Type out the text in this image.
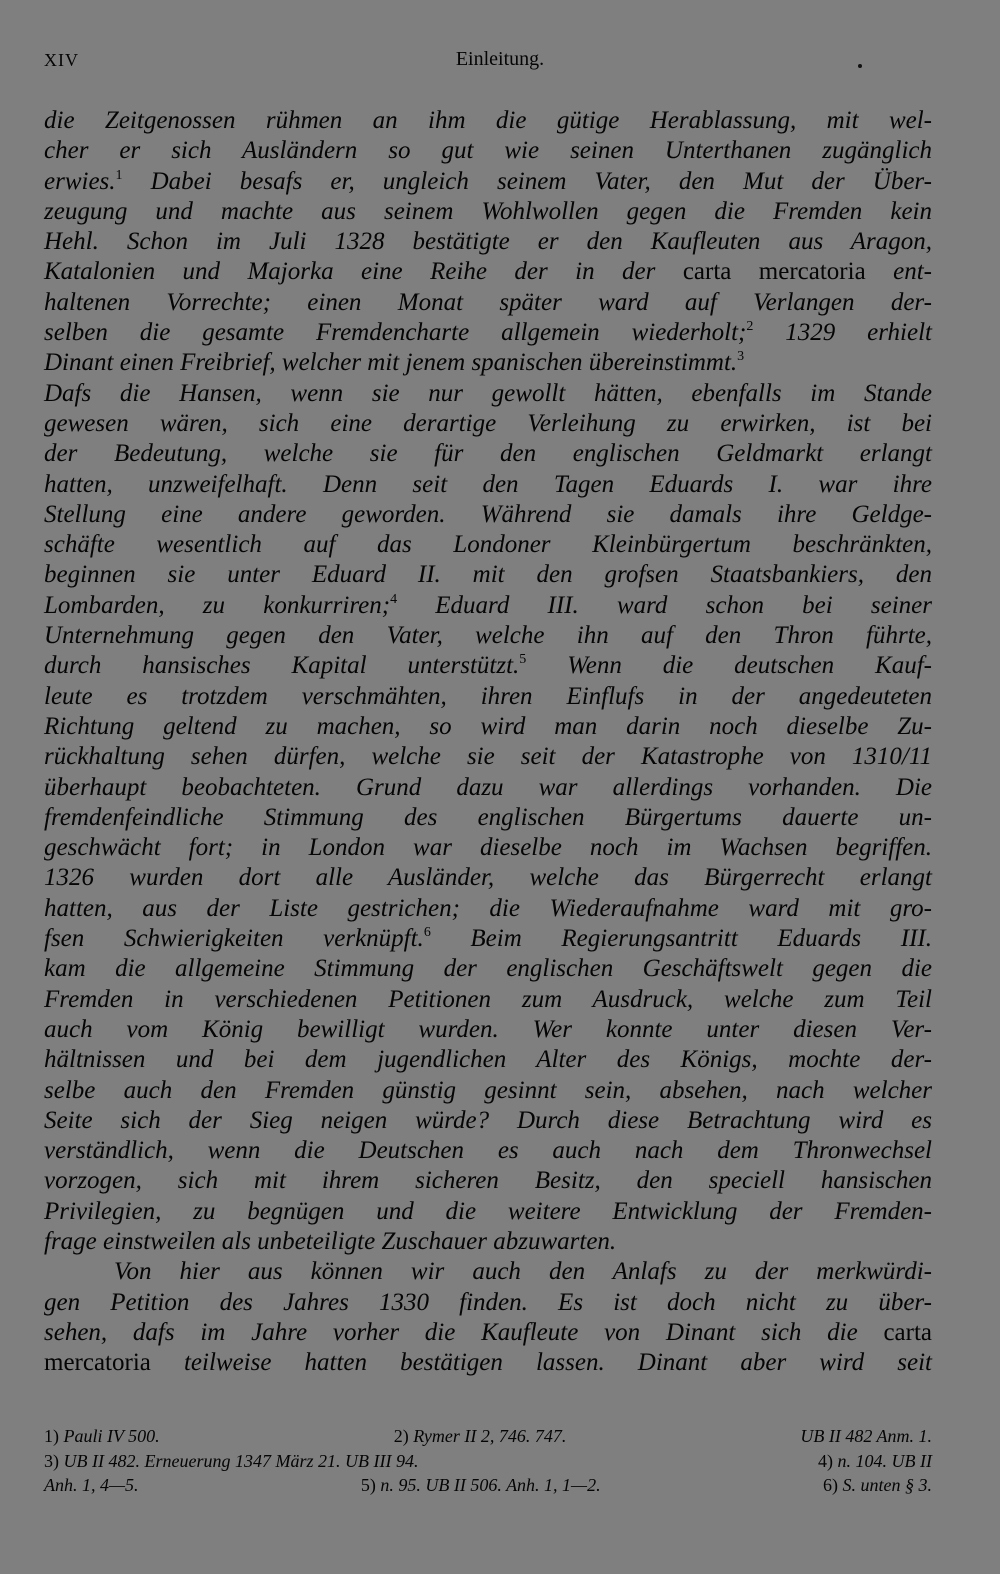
XIV	Einleitung.
die Zeitgenossen rühmen an ihm die gütige Herablassung, mit wel-
cher er sich Ausländern so gut wie seinen Unterthanen zugänglich
erwies.$^1$ Dabei besafs er, ungleich seinem Vater, den Mut der Über-
zeugung und machte aus seinem Wohlwollen gegen die Fremden kein
Hehl. Schon im Juli 1328 bestätigte er den Kaufleuten aus Aragon,
Katalonien und Majorka eine Reihe der in der carta mercatoria ent-
haltenen Vorrechte; einen Monat später ward auf Verlangen der-
selben die gesamte Fremdencharte allgemein wiederholt;$^2$ 1329 erhielt
Dinant einen Freibrief, welcher mit jenem spanischen übereinstimmt.$^3$
Dafs die Hansen, wenn sie nur gewollt hätten, ebenfalls im Stande
gewesen wären, sich eine derartige Verleihung zu erwirken, ist bei
der Bedeutung, welche sie für den englischen Geldmarkt erlangt
hatten, unzweifelhaft. Denn seit den Tagen Eduards I. war ihre
Stellung eine andere geworden. Während sie damals ihre Geldge-
schäfte wesentlich auf das Londoner Kleinbürgertum beschränkten,
beginnen sie unter Eduard II. mit den grofsen Staatsbankiers, den
Lombarden, zu konkurriren;$^4$ Eduard III. ward schon bei seiner
Unternehmung gegen den Vater, welche ihn auf den Thron führte,
durch hansisches Kapital unterstützt.$^5$ Wenn die deutschen Kauf-
leute es trotzdem verschmähten, ihren Einflufs in der angedeuteten
Richtung geltend zu machen, so wird man darin noch dieselbe Zu-
rückhaltung sehen dürfen, welche sie seit der Katastrophe von 1310/11
überhaupt beobachteten. Grund dazu war allerdings vorhanden. Die
fremdenfeindliche Stimmung des englischen Bürgertums dauerte un-
geschwächt fort; in London war dieselbe noch im Wachsen begriffen.
1326 wurden dort alle Ausländer, welche das Bürgerrecht erlangt
hatten, aus der Liste gestrichen; die Wiederaufnahme ward mit gro-
fsen Schwierigkeiten verknüpft.$^6$ Beim Regierungsantritt Eduards III.
kam die allgemeine Stimmung der englischen Geschäftswelt gegen die
Fremden in verschiedenen Petitionen zum Ausdruck, welche zum Teil
auch vom König bewilligt wurden. Wer konnte unter diesen Ver-
hältnissen und bei dem jugendlichen Alter des Königs, mochte der-
selbe auch den Fremden günstig gesinnt sein, absehen, nach welcher
Seite sich der Sieg neigen würde? Durch diese Betrachtung wird es
verständlich, wenn die Deutschen es auch nach dem Thronwechsel
vorzogen, sich mit ihrem sicheren Besitz, den speciell hansischen
Privilegien, zu begnügen und die weitere Entwicklung der Fremden-
frage einstweilen als unbeteiligte Zuschauer abzuwarten.
Von hier aus können wir auch den Anlafs zu der merkwürdi-
gen Petition des Jahres 1330 finden. Es ist doch nicht zu über-
sehen, dafs im Jahre vorher die Kaufleute von Dinant sich die carta
mercatoria teilweise hatten bestätigen lassen. Dinant aber wird seit
1) Pauli IV 500.	2) Rymer II 2, 746. 747.	UB II 482 Anm. 1.
3) UB II 482. Erneuerung 1347 März 21. UB III 94.	4) n. 104. UB II
Anh. 1, 4—5.	5) n. 95. UB II 506. Anh. 1, 1—2.	6) S. unten § 3.
